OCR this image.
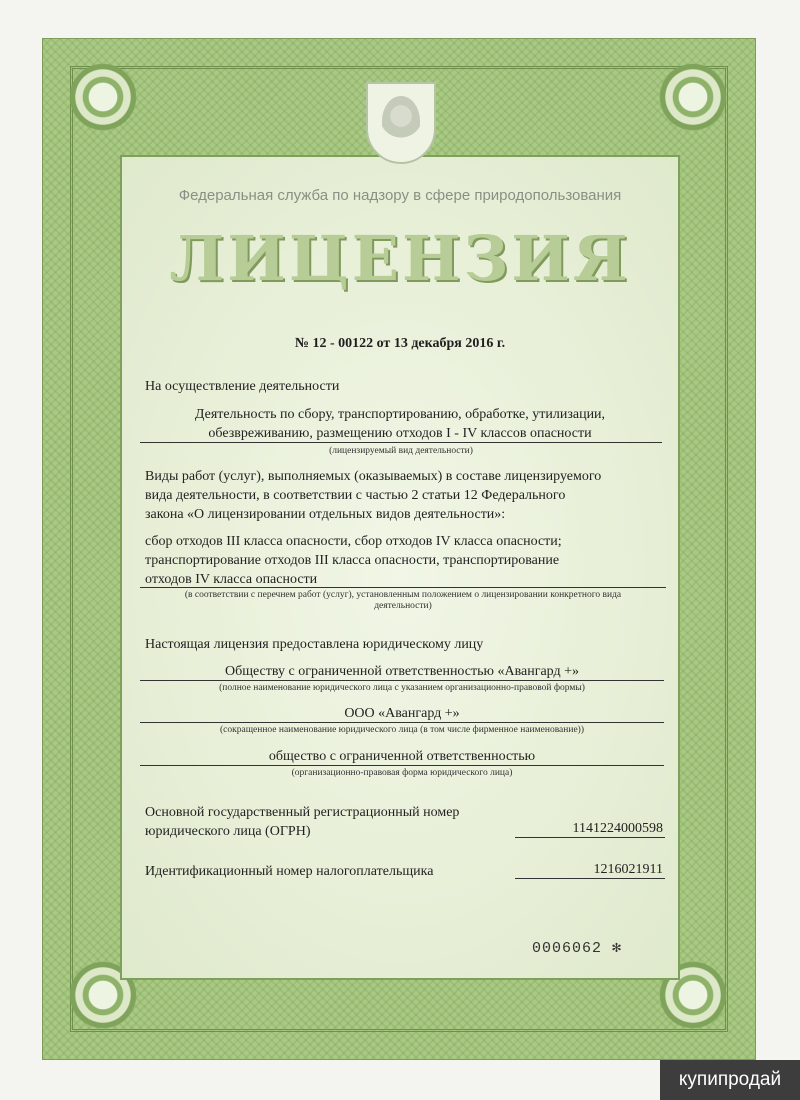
Федеральная служба по надзору в сфере природопользования
ЛИЦЕНЗИЯ
№ 12 - 00122 от 13 декабря 2016 г.
На осуществление деятельности
Деятельность по сбору, транспортированию, обработке, утилизации,
обезвреживанию, размещению отходов I - IV классов опасности
(лицензируемый вид деятельности)
Виды работ (услуг), выполняемых (оказываемых) в составе лицензируемого
вида деятельности, в соответствии с частью 2 статьи 12 Федерального
закона «О лицензировании отдельных видов деятельности»:
сбор отходов III класса опасности, сбор отходов IV класса опасности;
транспортирование отходов III класса опасности, транспортирование
отходов IV класса опасности
(в соответствии с перечнем работ (услуг), установленным положением о лицензировании конкретного вида
деятельности)
Настоящая лицензия предоставлена юридическому лицу
Обществу с ограниченной ответственностью «Авангард +»
(полное наименование юридического лица с указанием организационно-правовой формы)
ООО «Авангард +»
(сокращенное наименование юридического лица (в том числе фирменное наименование))
общество с ограниченной ответственностью
(организационно-правовая форма юридического лица)
Основной государственный регистрационный номер
юридического лица (ОГРН)	1141224000598
Идентификационный номер налогоплательщика	1216021911
0006062 ✻
купипродай
